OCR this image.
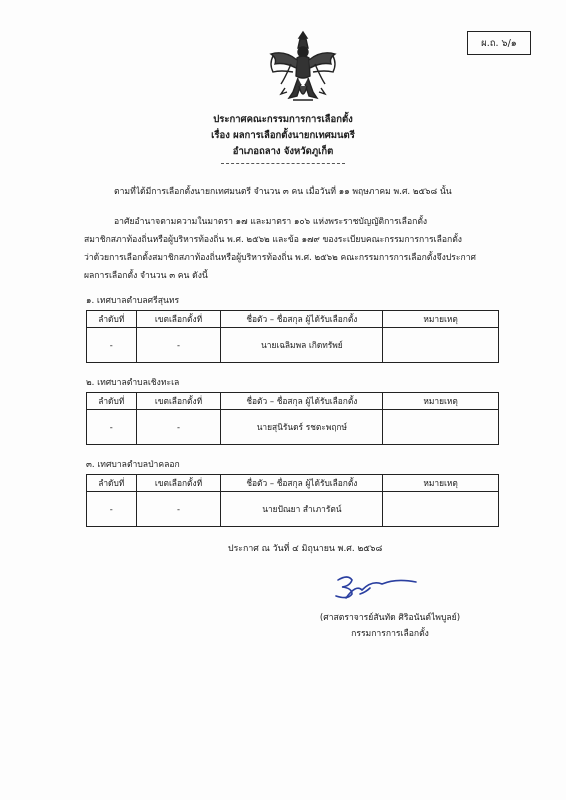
ผ.ถ. ๖/๑
ประกาศคณะกรรมการการเลือกตั้ง
เรื่อง ผลการเลือกตั้งนายกเทศมนตรี
อำเภอถลาง จังหวัดภูเก็ต
ตามที่ได้มีการเลือกตั้งนายกเทศมนตรี จำนวน ๓ คน เมื่อวันที่ ๑๑ พฤษภาคม พ.ศ. ๒๕๖๘ นั้น
อาศัยอำนาจตามความในมาตรา ๑๗ และมาตรา ๑๐๖ แห่งพระราชบัญญัติการเลือกตั้ง
สมาชิกสภาท้องถิ่นหรือผู้บริหารท้องถิ่น พ.ศ. ๒๕๖๒ และข้อ ๑๗๙ ของระเบียบคณะกรรมการการเลือกตั้ง
ว่าด้วยการเลือกตั้งสมาชิกสภาท้องถิ่นหรือผู้บริหารท้องถิ่น พ.ศ. ๒๕๖๒ คณะกรรมการการเลือกตั้งจึงประกาศ
ผลการเลือกตั้ง จำนวน ๓ คน ดังนี้
๑. เทศบาลตำบลศรีสุนทร
ลำดับที่	เขตเลือกตั้งที่	ชื่อตัว – ชื่อสกุล ผู้ได้รับเลือกตั้ง	หมายเหตุ
-	-	นายเฉลิมพล เกิดทรัพย์	
๒. เทศบาลตำบลเชิงทะเล
ลำดับที่	เขตเลือกตั้งที่	ชื่อตัว – ชื่อสกุล ผู้ได้รับเลือกตั้ง	หมายเหตุ
-	-	นายสุนิรันดร์ รชตะพฤกษ์	
๓. เทศบาลตำบลป่าคลอก
ลำดับที่	เขตเลือกตั้งที่	ชื่อตัว – ชื่อสกุล ผู้ได้รับเลือกตั้ง	หมายเหตุ
-	-	นายปัณยา สำเภารัตน์	
ประกาศ ณ วันที่ ๔ มิถุนายน พ.ศ. ๒๕๖๘
(ศาสตราจารย์สันทัด ศิริอนันต์ไพบูลย์)
กรรมการการเลือกตั้ง
